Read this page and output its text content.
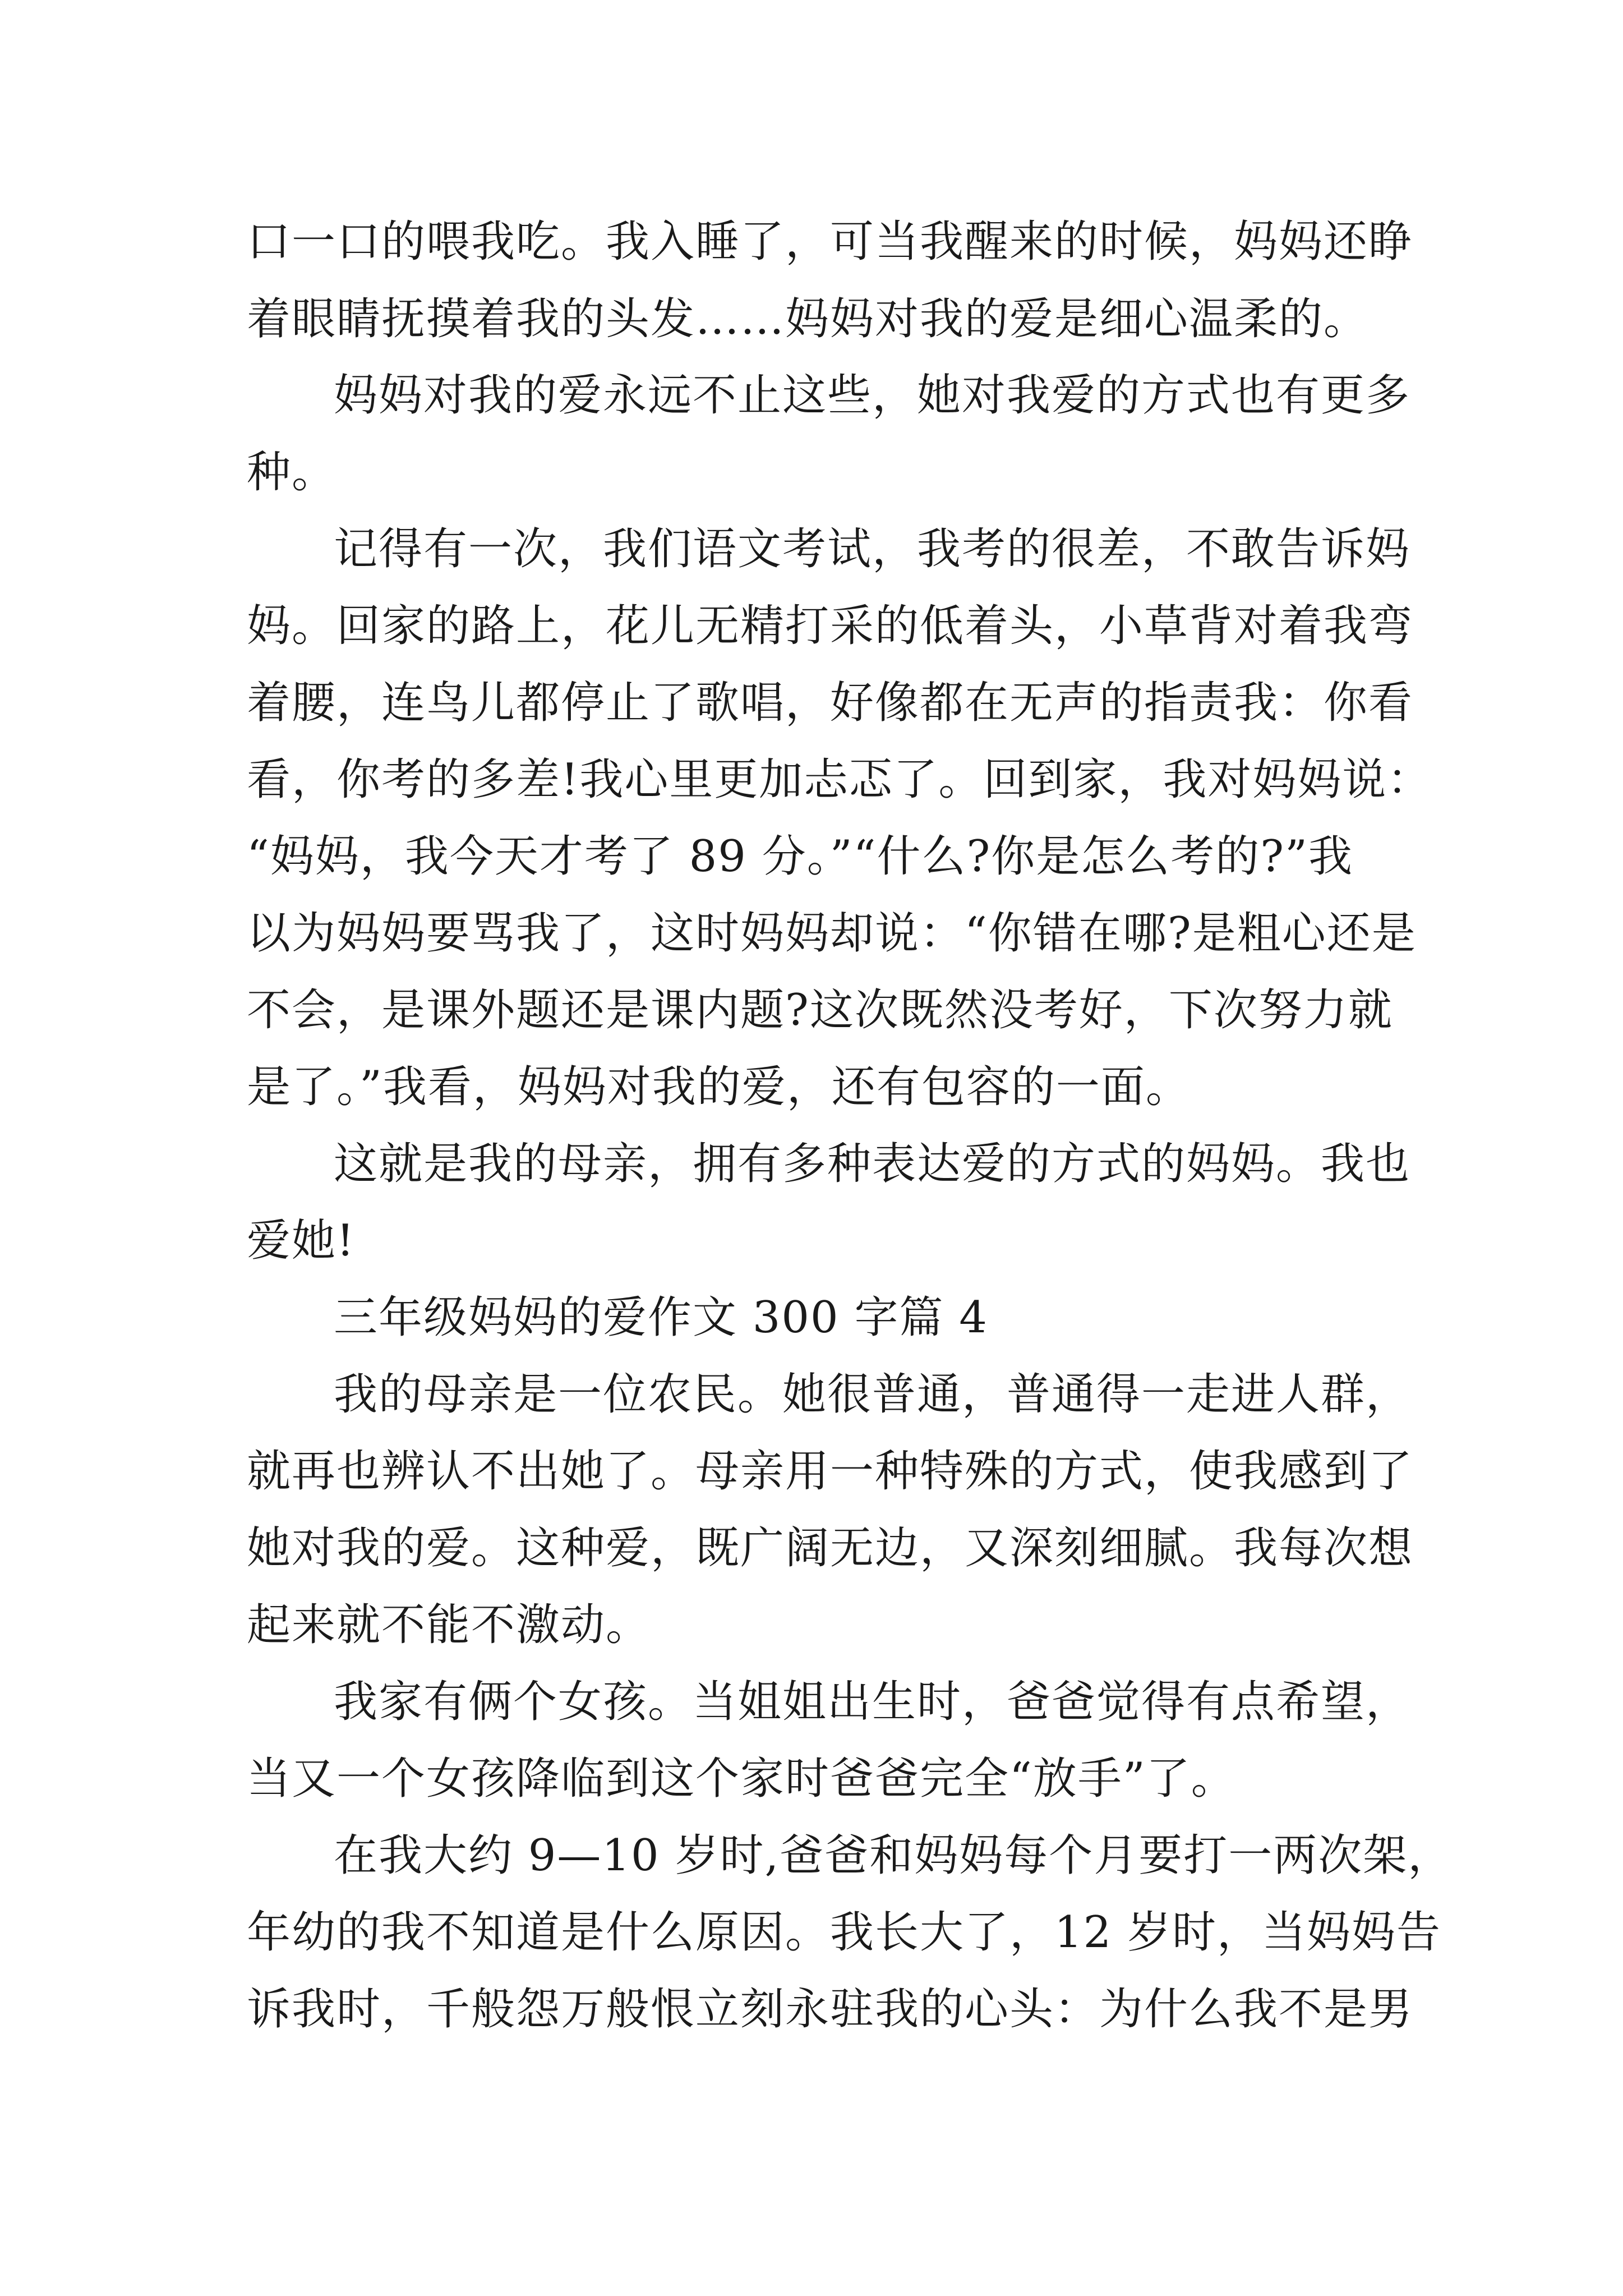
口一口的喂我吃。我入睡了，可当我醒来的时候，妈妈还睁
着眼睛抚摸着我的头发……妈妈对我的爱是细心温柔的。
妈妈对我的爱永远不止这些，她对我爱的方式也有更多
种。
记得有一次，我们语文考试，我考的很差，不敢告诉妈
妈。回家的路上，花儿无精打采的低着头，小草背对着我弯
着腰，连鸟儿都停止了歌唱，好像都在无声的指责我：你看
看，你考的多差!我心里更加忐忑了。回到家，我对妈妈说：
“妈妈，我今天才考了 89 分。”“什么?你是怎么考的?”我
以为妈妈要骂我了，这时妈妈却说：“你错在哪?是粗心还是
不会，是课外题还是课内题?这次既然没考好，下次努力就
是了。”我看，妈妈对我的爱，还有包容的一面。
这就是我的母亲，拥有多种表达爱的方式的妈妈。我也
爱她!
三年级妈妈的爱作文 300 字篇 4
我的母亲是一位农民。她很普通，普通得一走进人群，
就再也辨认不出她了。母亲用一种特殊的方式，使我感到了
她对我的爱。这种爱，既广阔无边，又深刻细腻。我每次想
起来就不能不激动。
我家有俩个女孩。当姐姐出生时，爸爸觉得有点希望，
当又一个女孩降临到这个家时爸爸完全“放手”了。
在我大约 9—10 岁时,爸爸和妈妈每个月要打一两次架，
年幼的我不知道是什么原因。我长大了，12 岁时，当妈妈告
诉我时，千般怨万般恨立刻永驻我的心头：为什么我不是男
